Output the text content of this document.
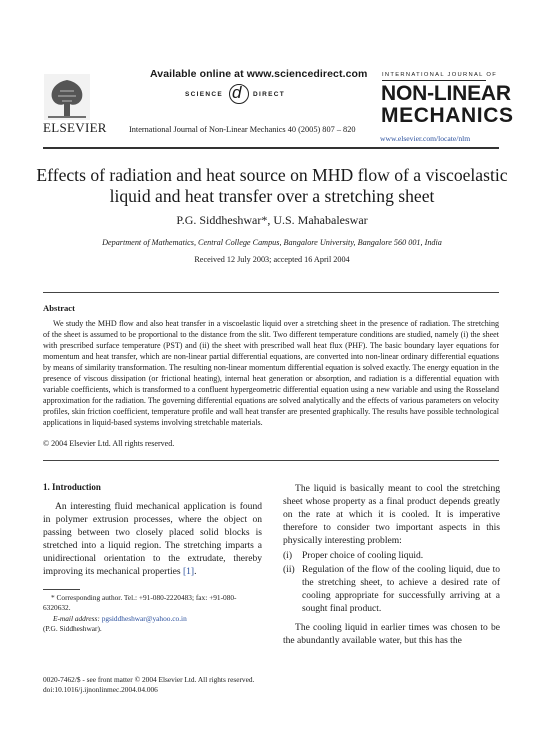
Available online at www.sciencedirect.com
SCIENCE d DIRECT
ELSEVIER	International Journal of Non-Linear Mechanics 40 (2005) 807 – 820
INTERNATIONAL JOURNAL OF
NON-LINEAR
MECHANICS
www.elsevier.com/locate/nlm
Effects of radiation and heat source on MHD flow of a viscoelastic
liquid and heat transfer over a stretching sheet
P.G. Siddheshwar*, U.S. Mahabaleswar
Department of Mathematics, Central College Campus, Bangalore University, Bangalore 560 001, India
Received 12 July 2003; accepted 16 April 2004
Abstract
We study the MHD flow and also heat transfer in a viscoelastic liquid over a stretching sheet in the presence of radiation. The stretching of the sheet is assumed to be proportional to the distance from the slit. Two different temperature conditions are studied, namely (i) the sheet with prescribed surface temperature (PST) and (ii) the sheet with prescribed wall heat flux (PHF). The basic boundary layer equations for momentum and heat transfer, which are non-linear partial differential equations, are converted into non-linear ordinary differential equations by means of similarity transformation. The resulting non-linear momentum differential equation is solved exactly. The energy equation in the presence of viscous dissipation (or frictional heating), internal heat generation or absorption, and radiation is a differential equation with variable coefficients, which is transformed to a confluent hypergeometric differential equation using a new variable and using the Rosseland approximation for the radiation. The governing differential equations are solved analytically and the effects of various parameters on velocity profiles, skin friction coefficient, temperature profile and wall heat transfer are presented graphically. The results have possible technological applications in liquid-based systems involving stretchable materials.
© 2004 Elsevier Ltd. All rights reserved.
1. Introduction
An interesting fluid mechanical application is found in polymer extrusion processes, where the object on passing between two closely placed solid blocks is stretched into a liquid region. The stretching imparts a unidirectional orientation to the extrudate, thereby improving its mechanical properties [1].
* Corresponding author. Tel.: +91-080-2220483; fax: +91-080-6320632.
E-mail address: pgsiddheshwar@yahoo.co.in
(P.G. Siddheshwar).
0020-7462/$ - see front matter © 2004 Elsevier Ltd. All rights reserved.
doi:10.1016/j.ijnonlinmec.2004.04.006

The liquid is basically meant to cool the stretching sheet whose property as a final product depends greatly on the rate at which it is cooled. It is imperative therefore to consider two important aspects in this physically interesting problem:

(i)	Proper choice of cooling liquid.
(ii) Regulation of the flow of the cooling liquid, due to the stretching sheet, to achieve a desired rate of cooling appropriate for successfully arriving at a sought final product.

The cooling liquid in earlier times was chosen to be the abundantly available water, but this has the
